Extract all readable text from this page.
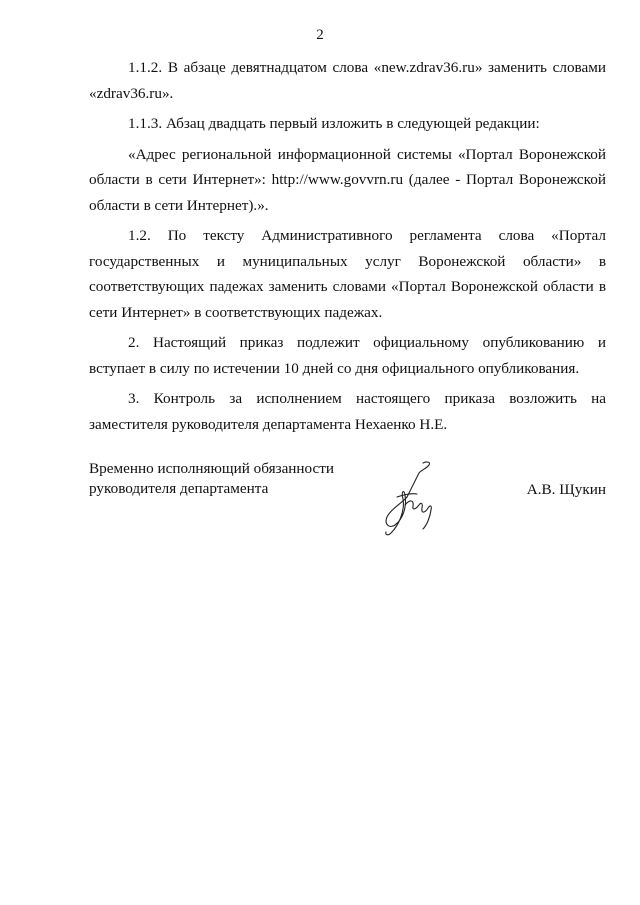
2

1.1.2. В абзаце девятнадцатом слова «new.zdrav36.ru» заменить словами «zdrav36.ru».

1.1.3. Абзац двадцать первый изложить в следующей редакции:

«Адрес региональной информационной системы «Портал Воронежской области в сети Интернет»: http://www.govvrn.ru (далее - Портал Воронежской области в сети Интернет).».

1.2. По тексту Административного регламента слова «Портал государственных и муниципальных услуг Воронежской области» в соответствующих падежах заменить словами «Портал Воронежской области в сети Интернет» в соответствующих падежах.

2. Настоящий приказ подлежит официальному опубликованию и вступает в силу по истечении 10 дней со дня официального опубликования.

3. Контроль за исполнением настоящего приказа возложить на заместителя руководителя департамента Нехаенко Н.Е.

Временно исполняющий обязанности
руководителя департамента	А.В. Щукин
